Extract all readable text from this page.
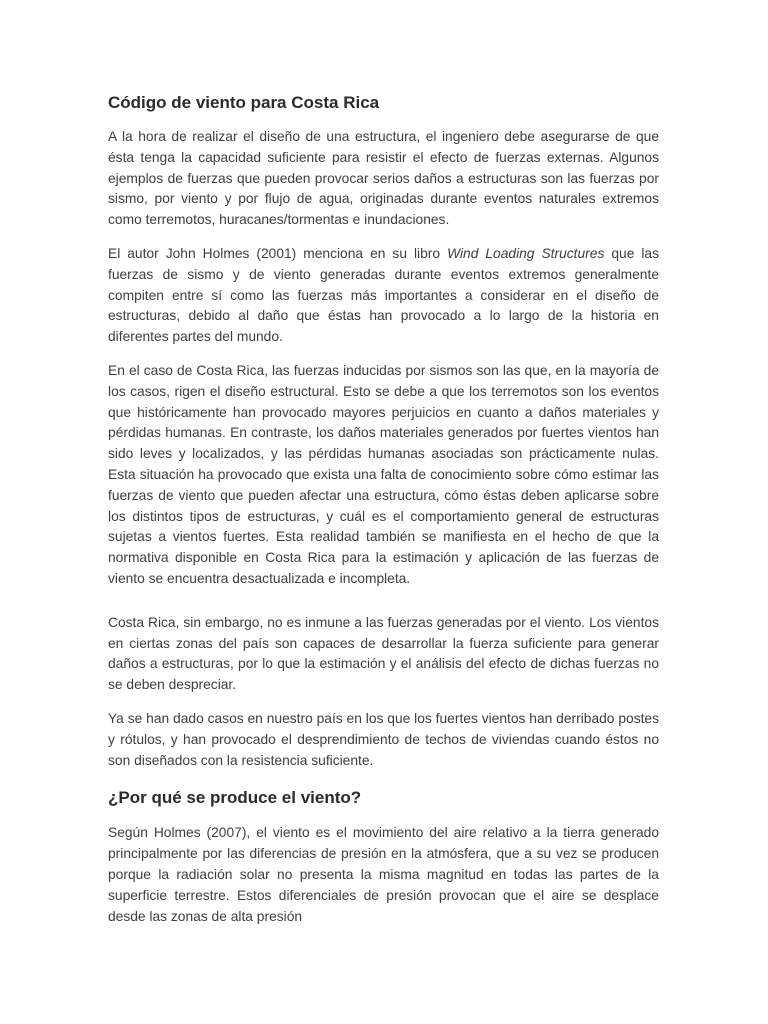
Código de viento para Costa Rica

A la hora de realizar el diseño de una estructura, el ingeniero debe asegurarse de que ésta tenga la capacidad suficiente para resistir el efecto de fuerzas externas. Algunos ejemplos de fuerzas que pueden provocar serios daños a estructuras son las fuerzas por sismo, por viento y por flujo de agua, originadas durante eventos naturales extremos como terremotos, huracanes/tormentas e inundaciones.

El autor John Holmes (2001) menciona en su libro Wind Loading Structures que las fuerzas de sismo y de viento generadas durante eventos extremos generalmente compiten entre sí como las fuerzas más importantes a considerar en el diseño de estructuras, debido al daño que éstas han provocado a lo largo de la historia en diferentes partes del mundo.

En el caso de Costa Rica, las fuerzas inducidas por sismos son las que, en la mayoría de los casos, rigen el diseño estructural. Esto se debe a que los terremotos son los eventos que históricamente han provocado mayores perjuicios en cuanto a daños materiales y pérdidas humanas. En contraste, los daños materiales generados por fuertes vientos han sido leves y localizados, y las pérdidas humanas asociadas son prácticamente nulas. Esta situación ha provocado que exista una falta de conocimiento sobre cómo estimar las fuerzas de viento que pueden afectar una estructura, cómo éstas deben aplicarse sobre los distintos tipos de estructuras, y cuál es el comportamiento general de estructuras sujetas a vientos fuertes. Esta realidad también se manifiesta en el hecho de que la normativa disponible en Costa Rica para la estimación y aplicación de las fuerzas de viento se encuentra desactualizada e incompleta.

Costa Rica, sin embargo, no es inmune a las fuerzas generadas por el viento. Los vientos en ciertas zonas del país son capaces de desarrollar la fuerza suficiente para generar daños a estructuras, por lo que la estimación y el análisis del efecto de dichas fuerzas no se deben despreciar.

Ya se han dado casos en nuestro país en los que los fuertes vientos han derribado postes y rótulos, y han provocado el desprendimiento de techos de viviendas cuando éstos no son diseñados con la resistencia suficiente.

¿Por qué se produce el viento?

Según Holmes (2007), el viento es el movimiento del aire relativo a la tierra generado principalmente por las diferencias de presión en la atmósfera, que a su vez se producen porque la radiación solar no presenta la misma magnitud en todas las partes de la superficie terrestre. Estos diferenciales de presión provocan que el aire se desplace desde las zonas de alta presión
